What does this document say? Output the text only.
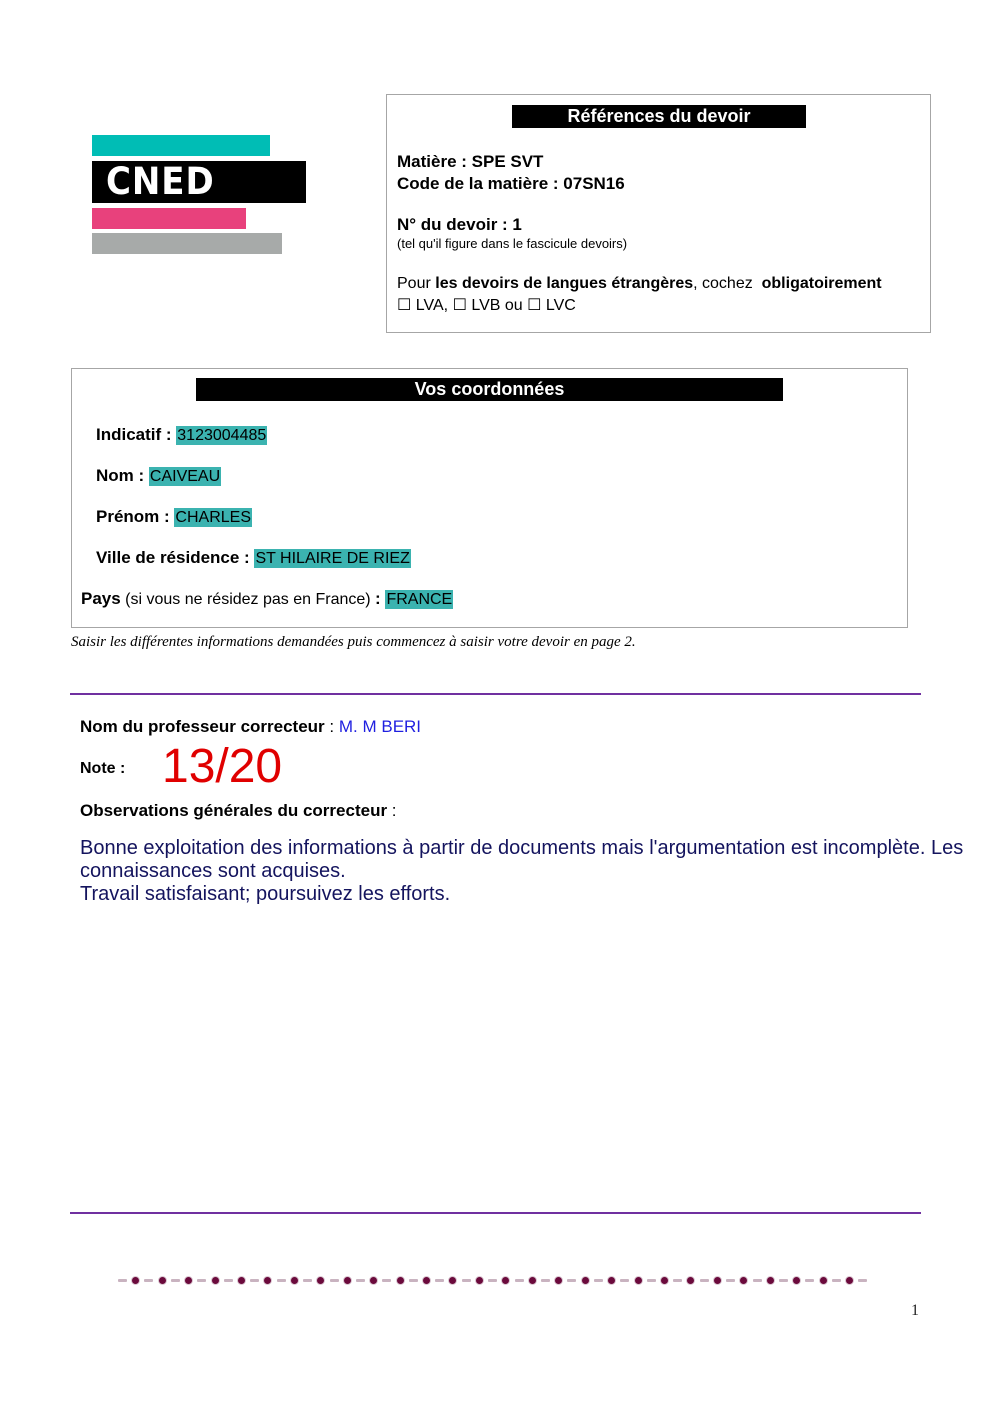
CNED
Références du devoir
Matière : SPE SVT
Code de la matière : 07SN16
N° du devoir : 1
(tel qu'il figure dans le fascicule devoirs)
Pour les devoirs de langues étrangères, cochez  obligatoirement
☐ LVA, ☐ LVB ou ☐ LVC
Vos coordonnées
Indicatif : 3123004485
Nom : CAIVEAU
Prénom : CHARLES
Ville de résidence : ST HILAIRE DE RIEZ
Pays (si vous ne résidez pas en France) : FRANCE
Saisir les différentes informations demandées puis commencez à saisir votre devoir en page 2.
Nom du professeur correcteur : M. M BERI
Note : 13/20
Observations générales du correcteur :
Bonne exploitation des informations à partir de documents mais l'argumentation est incomplète. Les
connaissances sont acquises.
Travail satisfaisant; poursuivez les efforts.
1
